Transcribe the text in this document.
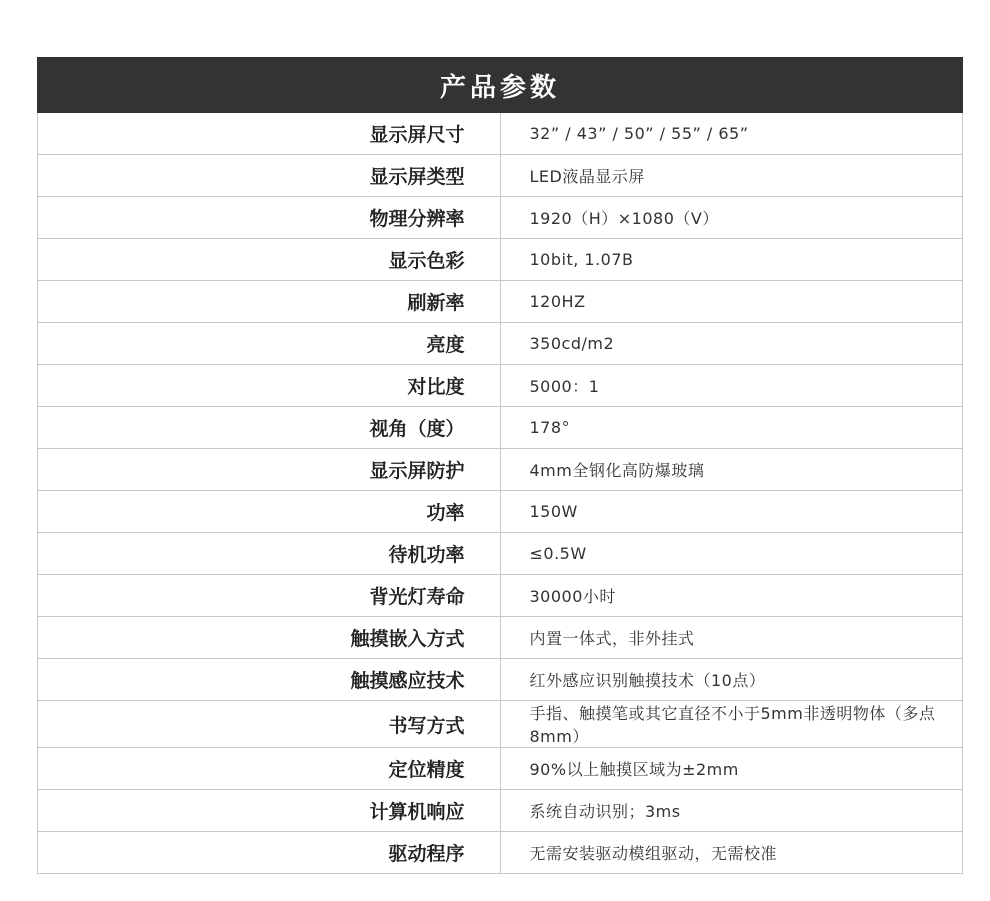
产品参数	
显示屏尺寸	32” / 43” / 50” / 55” / 65”
显示屏类型	LED液晶显示屏
物理分辨率	1920（H）×1080（V）
显示色彩	10bit, 1.07B
刷新率	120HZ
亮度	350cd/m2
对比度	5000：1
视角（度）	178°
显示屏防护	4mm全钢化高防爆玻璃
功率	150W
待机功率	≤0.5W
背光灯寿命	30000小时
触摸嵌入方式	内置一体式，非外挂式
触摸感应技术	红外感应识别触摸技术（10点）
书写方式	手指、触摸笔或其它直径不小于5mm非透明物体（多点8mm）
定位精度	90%以上触摸区域为±2mm
计算机响应	系统自动识别；3ms
驱动程序	无需安装驱动模组驱动，无需校准
